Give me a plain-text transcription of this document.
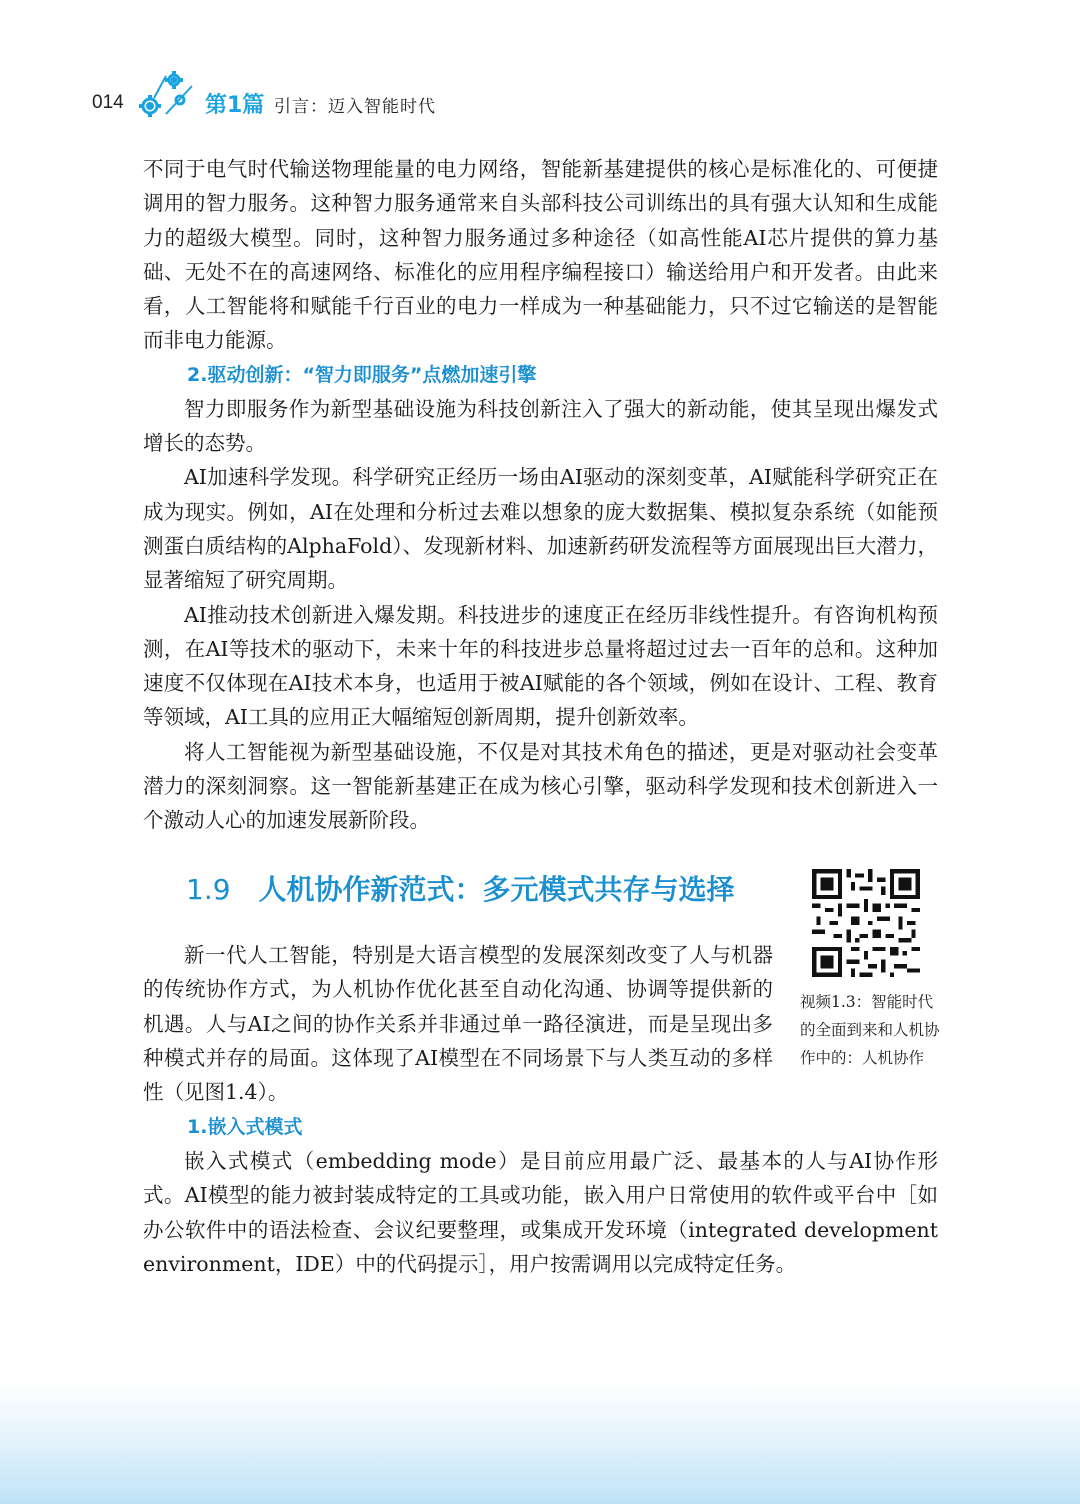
014	第1篇 引言：迈入智能时代

不同于电气时代输送物理能量的电力网络，智能新基建提供的核心是标准化的、可便捷调用的智力服务。这种智力服务通常来自头部科技公司训练出的具有强大认知和生成能力的超级大模型。同时，这种智力服务通过多种途径（如高性能AI芯片提供的算力基础、无处不在的高速网络、标准化的应用程序编程接口）输送给用户和开发者。由此来看，人工智能将和赋能千行百业的电力一样成为一种基础能力，只不过它输送的是智能而非电力能源。

2.驱动创新：“智力即服务”点燃加速引擎

智力即服务作为新型基础设施为科技创新注入了强大的新动能，使其呈现出爆发式增长的态势。

AI加速科学发现。科学研究正经历一场由AI驱动的深刻变革，AI赋能科学研究正在成为现实。例如，AI在处理和分析过去难以想象的庞大数据集、模拟复杂系统（如能预测蛋白质结构的AlphaFold）、发现新材料、加速新药研发流程等方面展现出巨大潜力，显著缩短了研究周期。

AI推动技术创新进入爆发期。科技进步的速度正在经历非线性提升。有咨询机构预测，在AI等技术的驱动下，未来十年的科技进步总量将超过过去一百年的总和。这种加速度不仅体现在AI技术本身，也适用于被AI赋能的各个领域，例如在设计、工程、教育等领域，AI工具的应用正大幅缩短创新周期，提升创新效率。

将人工智能视为新型基础设施，不仅是对其技术角色的描述，更是对驱动社会变革潜力的深刻洞察。这一智能新基建正在成为核心引擎，驱动科学发现和技术创新进入一个激动人心的加速发展新阶段。

1.9 人机协作新范式：多元模式共存与选择

新一代人工智能，特别是大语言模型的发展深刻改变了人与机器的传统协作方式，为人机协作优化甚至自动化沟通、协调等提供新的机遇。人与AI之间的协作关系并非通过单一路径演进，而是呈现出多种模式并存的局面。这体现了AI模型在不同场景下与人类互动的多样性（见图1.4）。

视频1.3：智能时代的全面到来和人机协作中的：人机协作
1.嵌入式模式

嵌入式模式（embedding mode）是目前应用最广泛、最基本的人与AI协作形式。AI模型的能力被封装成特定的工具或功能，嵌入用户日常使用的软件或平台中［如办公软件中的语法检查、会议纪要整理，或集成开发环境（integrated development environment，IDE）中的代码提示］，用户按需调用以完成特定任务。
